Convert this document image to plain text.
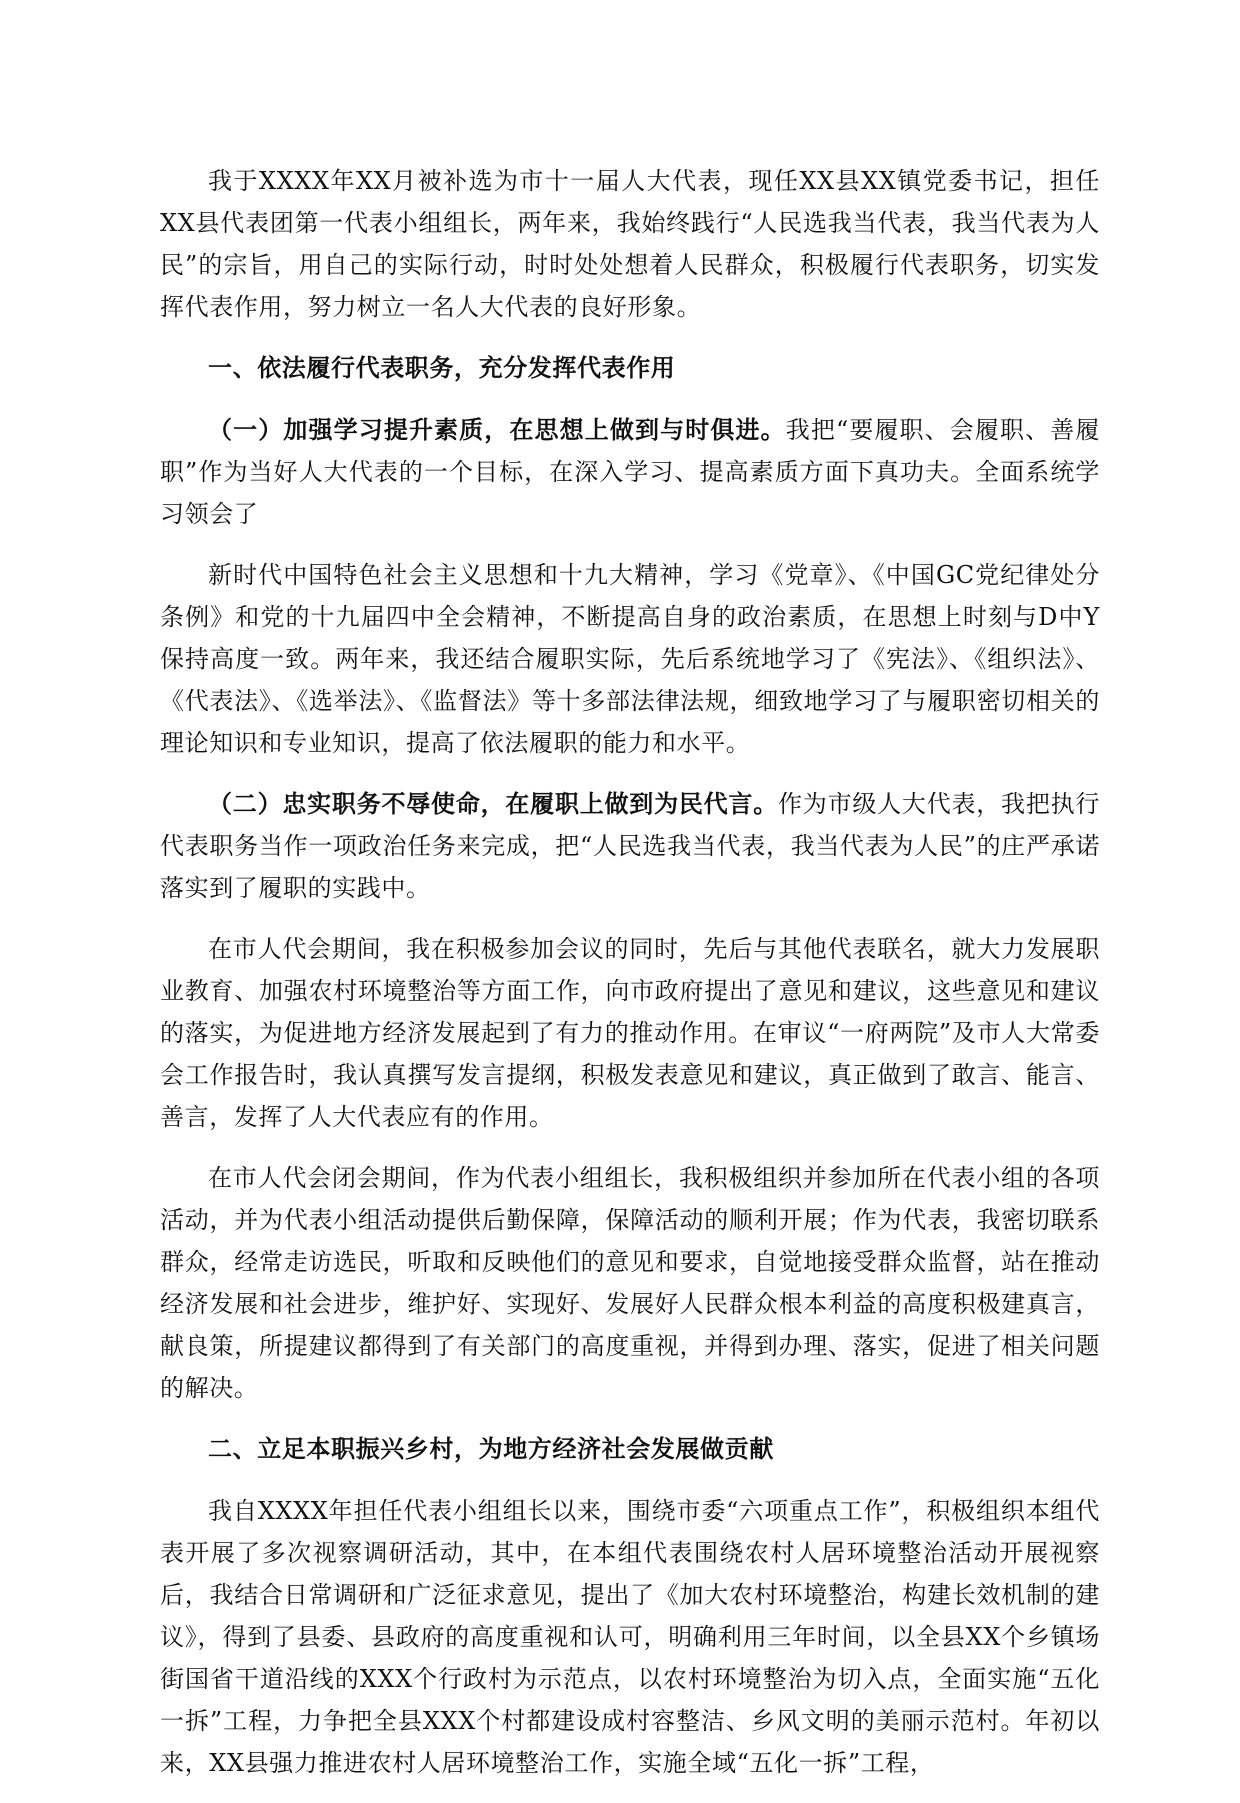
我于XXXX年XX月被补选为市十一届人大代表，现任XX县XX镇党委书记，担任XX县代表团第一代表小组组长，两年来，我始终践行“人民选我当代表，我当代表为人民”的宗旨，用自己的实际行动，时时处处想着人民群众，积极履行代表职务，切实发挥代表作用，努力树立一名人大代表的良好形象。

一、依法履行代表职务，充分发挥代表作用

（一）加强学习提升素质，在思想上做到与时俱进。我把“要履职、会履职、善履职”作为当好人大代表的一个目标，在深入学习、提高素质方面下真功夫。全面系统学习领会了

新时代中国特色社会主义思想和十九大精神，学习《党章》、《中国GC党纪律处分条例》和党的十九届四中全会精神，不断提高自身的政治素质，在思想上时刻与D中Y保持高度一致。两年来，我还结合履职实际，先后系统地学习了《宪法》、《组织法》、《代表法》、《选举法》、《监督法》等十多部法律法规，细致地学习了与履职密切相关的理论知识和专业知识，提高了依法履职的能力和水平。

（二）忠实职务不辱使命，在履职上做到为民代言。作为市级人大代表，我把执行代表职务当作一项政治任务来完成，把“人民选我当代表，我当代表为人民”的庄严承诺落实到了履职的实践中。

在市人代会期间，我在积极参加会议的同时，先后与其他代表联名，就大力发展职业教育、加强农村环境整治等方面工作，向市政府提出了意见和建议，这些意见和建议的落实，为促进地方经济发展起到了有力的推动作用。在审议“一府两院”及市人大常委会工作报告时，我认真撰写发言提纲，积极发表意见和建议，真正做到了敢言、能言、善言，发挥了人大代表应有的作用。

在市人代会闭会期间，作为代表小组组长，我积极组织并参加所在代表小组的各项活动，并为代表小组活动提供后勤保障，保障活动的顺利开展；作为代表，我密切联系群众，经常走访选民，听取和反映他们的意见和要求，自觉地接受群众监督，站在推动经济发展和社会进步，维护好、实现好、发展好人民群众根本利益的高度积极建真言，献良策，所提建议都得到了有关部门的高度重视，并得到办理、落实，促进了相关问题的解决。

二、立足本职振兴乡村，为地方经济社会发展做贡献

我自XXXX年担任代表小组组长以来，围绕市委“六项重点工作”，积极组织本组代表开展了多次视察调研活动，其中，在本组代表围绕农村人居环境整治活动开展视察后，我结合日常调研和广泛征求意见，提出了《加大农村环境整治，构建长效机制的建议》，得到了县委、县政府的高度重视和认可，明确利用三年时间，以全县XX个乡镇场街国省干道沿线的XXX个行政村为示范点，以农村环境整治为切入点，全面实施“五化一拆”工程，力争把全县XXX个村都建设成村容整洁、乡风文明的美丽示范村。年初以来，XX县强力推进农村人居环境整治工作，实施全域“五化一拆”工程，
